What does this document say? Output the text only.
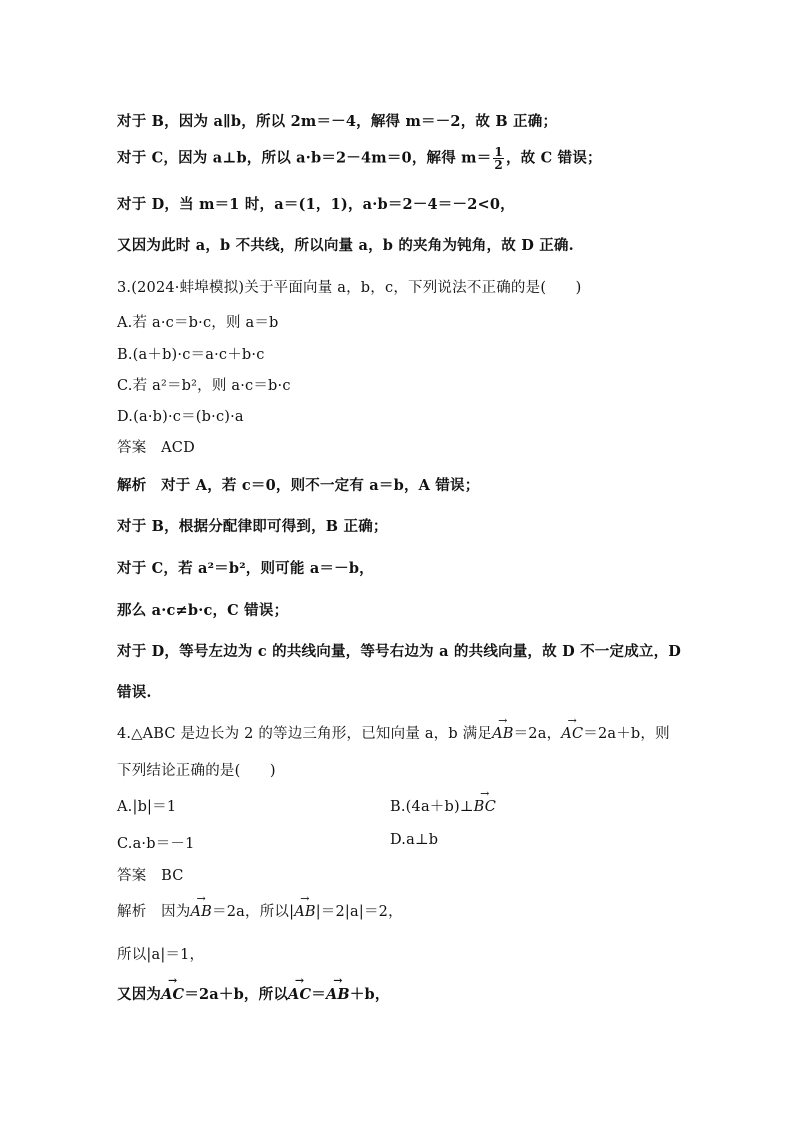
对于 B，因为 a∥b，所以 2m＝－4，解得 m＝－2，故 B 正确；
对于 C，因为 a⊥b，所以 a·b＝2－4m＝0，解得 $m= \frac{1}{2}$ ，故 C 错误；
对于 D，当 m＝1 时，a＝(1，1)，a·b＝2－4＝－2<0，
又因为此时 a，b 不共线，所以向量 a，b 的夹角为钝角，故 D 正确.
3.(2024·蚌埠模拟)关于平面向量 a，b，c，下列说法不正确的是(　　)
A.若 a·c＝b·c，则 a＝b
B.(a＋b)·c＝a·c＋b·c
C.若 a²＝b²，则 a·c＝b·c
D.(a·b)·c＝(b·c)·a
答案　ACD
解析　对于 A，若 c＝0，则不一定有 a＝b，A 错误；
对于 B，根据分配律即可得到，B 正确；
对于 C，若 a²＝b²，则可能 a＝－b，
那么 a·c≠b·c，C 错误；
对于 D，等号左边为 c 的共线向量，等号右边为 a 的共线向量，故 D 不一定成立，D
错误.
4.△ABC 是边长为 2 的等边三角形，已知向量 a，b 满足→ AB＝2a，→ AC＝2a＋b，则
下列结论正确的是(　　)
A.|b|＝1	B.(4a＋b)⊥→ BC
C.a·b＝－1	D.a⊥b
答案　BC
解析　因为→ AB＝2a，所以|→ AB|＝2|a|＝2，
所以|a|＝1，
又因为→ AC＝2a＋b，所以→ AC＝→ AB＋b，
